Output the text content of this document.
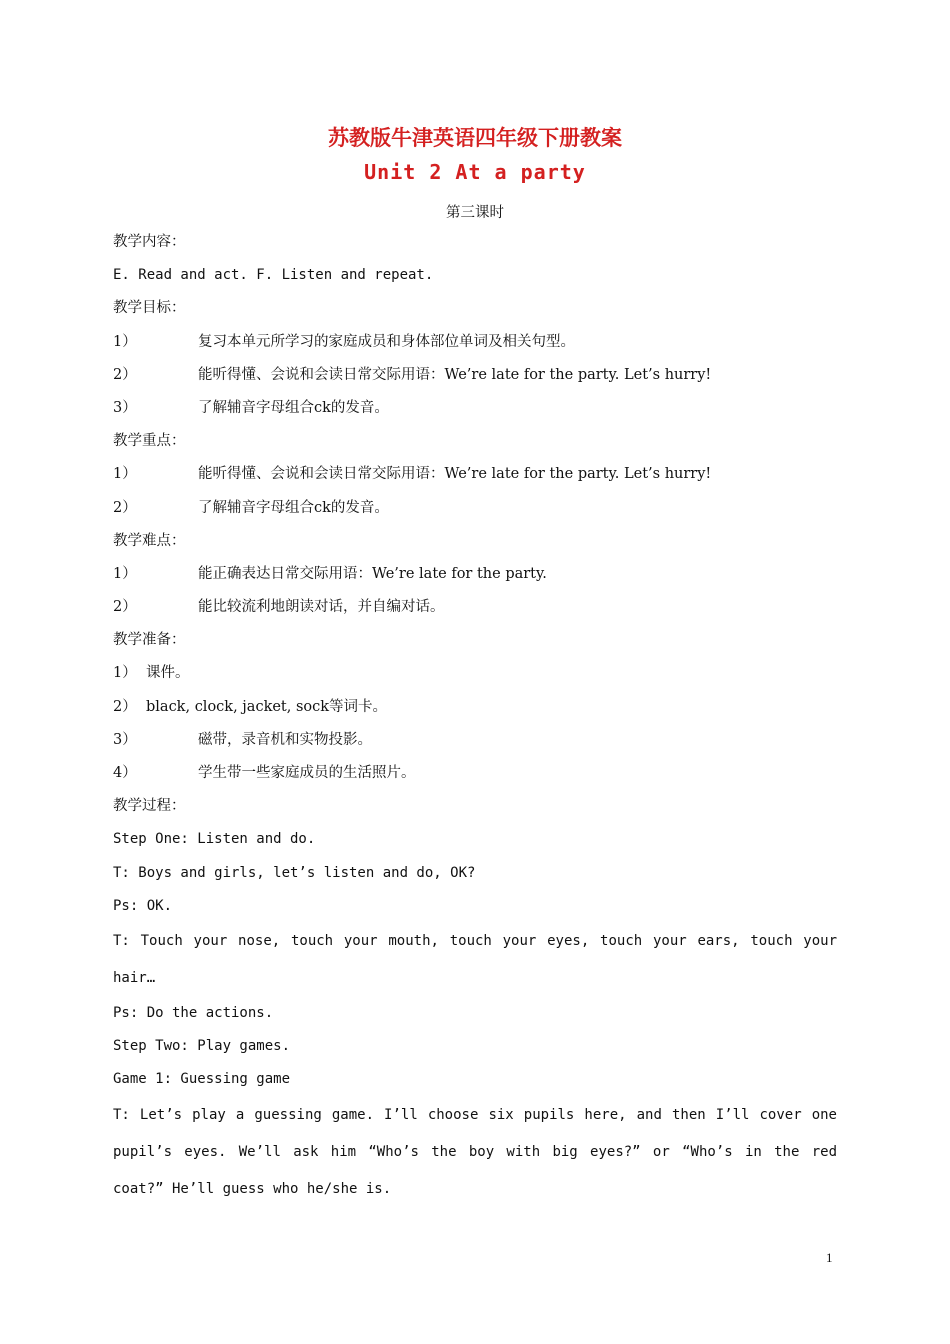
苏教版牛津英语四年级下册教案
Unit 2 At a party
第三课时
教学内容：
E. Read and act. F. Listen and repeat.
教学目标：
1）	复习本单元所学习的家庭成员和身体部位单词及相关句型。
2）	能听得懂、会说和会读日常交际用语：We’re late for the party. Let’s hurry!
3）	了解辅音字母组合ck的发音。
教学重点：
1）	能听得懂、会说和会读日常交际用语：We’re late for the party. Let’s hurry!
2）	了解辅音字母组合ck的发音。
教学难点：
1）	能正确表达日常交际用语：We’re late for the party.
2）	能比较流利地朗读对话，并自编对话。
教学准备：
1） 课件。
2） black, clock, jacket, sock等词卡。
3）	磁带，录音机和实物投影。
4）	学生带一些家庭成员的生活照片。
教学过程：
Step One: Listen and do.
T: Boys and girls, let’s listen and do, OK?
Ps: OK.
T: Touch your nose, touch your mouth, touch your eyes, touch your ears, touch your hair…
Ps: Do the actions.
Step Two: Play games.
Game 1: Guessing game
T: Let’s play a guessing game. I’ll choose six pupils here, and then I’ll cover one pupil’s eyes. We’ll ask him “Who’s the boy with big eyes?” or “Who’s in the red coat?” He’ll guess who he/she is.
1
